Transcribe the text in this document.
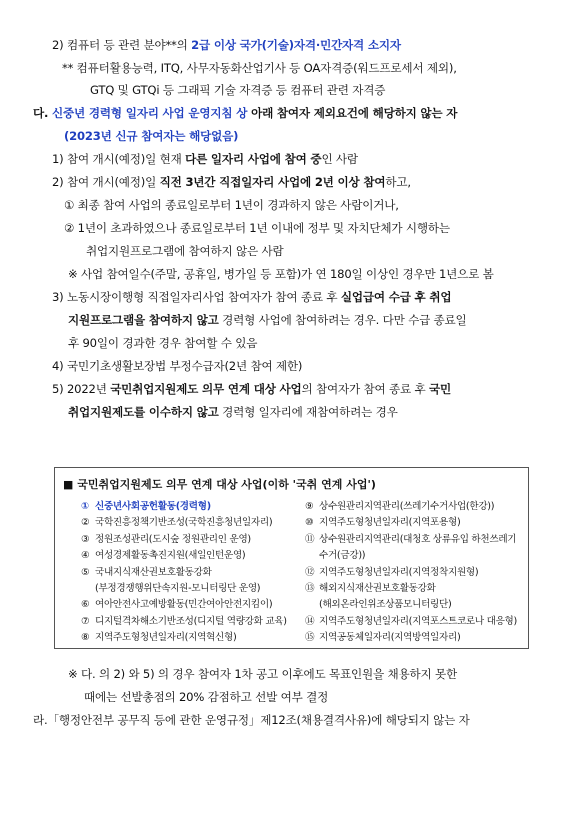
2) 컴퓨터 등 관련 분야**의 2급 이상 국가(기술)자격·민간자격 소지자
** 컴퓨터활용능력, ITQ, 사무자동화산업기사 등 OA자격증(워드프로세서 제외),
GTQ 및 GTQi 등 그래픽 기술 자격증 등 컴퓨터 관련 자격증
다. 신중년 경력형 일자리 사업 운영지침 상 아래 참여자 제외요건에 해당하지 않는 자
(2023년 신규 참여자는 해당없음)
1) 참여 개시(예정)일 현재 다른 일자리 사업에 참여 중인 사람
2) 참여 개시(예정)일 직전 3년간 직접일자리 사업에 2년 이상 참여하고,
① 최종 참여 사업의 종료일로부터 1년이 경과하지 않은 사람이거나,
② 1년이 초과하였으나 종료일로부터 1년 이내에 정부 및 자치단체가 시행하는
취업지원프로그램에 참여하지 않은 사람
※ 사업 참여일수(주말, 공휴일, 병가일 등 포함)가 연 180일 이상인 경우만 1년으로 봄
3) 노동시장이행형 직접일자리사업 참여자가 참여 종료 후 실업급여 수급 후 취업
지원프로그램을 참여하지 않고 경력형 사업에 참여하려는 경우. 다만 수급 종료일
후 90일이 경과한 경우 참여할 수 있음
4) 국민기초생활보장법 부정수급자(2년 참여 제한)
5) 2022년 국민취업지원제도 의무 연계 대상 사업의 참여자가 참여 종료 후 국민
취업지원제도를 이수하지 않고 경력형 일자리에 재참여하려는 경우
■ 국민취업지원제도 의무 연계 대상 사업(이하 '국취 연계 사업')
① 신중년사회공헌활동(경력형)
② 국학진흥정책기반조성(국학진흥청년일자리)
③ 정원조성관리(도시숲 정원관리인 운영)
④ 여성경제활동촉진지원(새일인턴운영)
⑤ 국내지식재산권보호활동강화
(부정경쟁행위단속지원-모니터링단 운영)
⑥ 여아안전사고예방활동(민간여아안전지킴이)
⑦ 디지털격차해소기반조성(디지털 역량강화 교육)
⑧ 지역주도형청년일자리(지역혁신형)
⑨ 상수원관리지역관리(쓰레기수거사업(한강))
⑩ 지역주도형청년일자리(지역포용형)
⑪ 상수원관리지역관리(대청호 상류유입 하천쓰레기
수거(금강))
⑫ 지역주도형청년일자리(지역정착지원형)
⑬ 해외지식재산권보호활동강화
(해외온라인위조상품모니터링단)
⑭ 지역주도형청년일자리(지역포스트코로나 대응형)
⑮ 지역공동체일자리(지역방역일자리)
※ 다. 의 2) 와 5) 의 경우 참여자 1차 공고 이후에도 목표인원을 채용하지 못한
때에는 선발총점의 20% 감점하고 선발 여부 결정
라.「행정안전부 공무직 등에 관한 운영규정」제12조(채용결격사유)에 해당되지 않는 자
